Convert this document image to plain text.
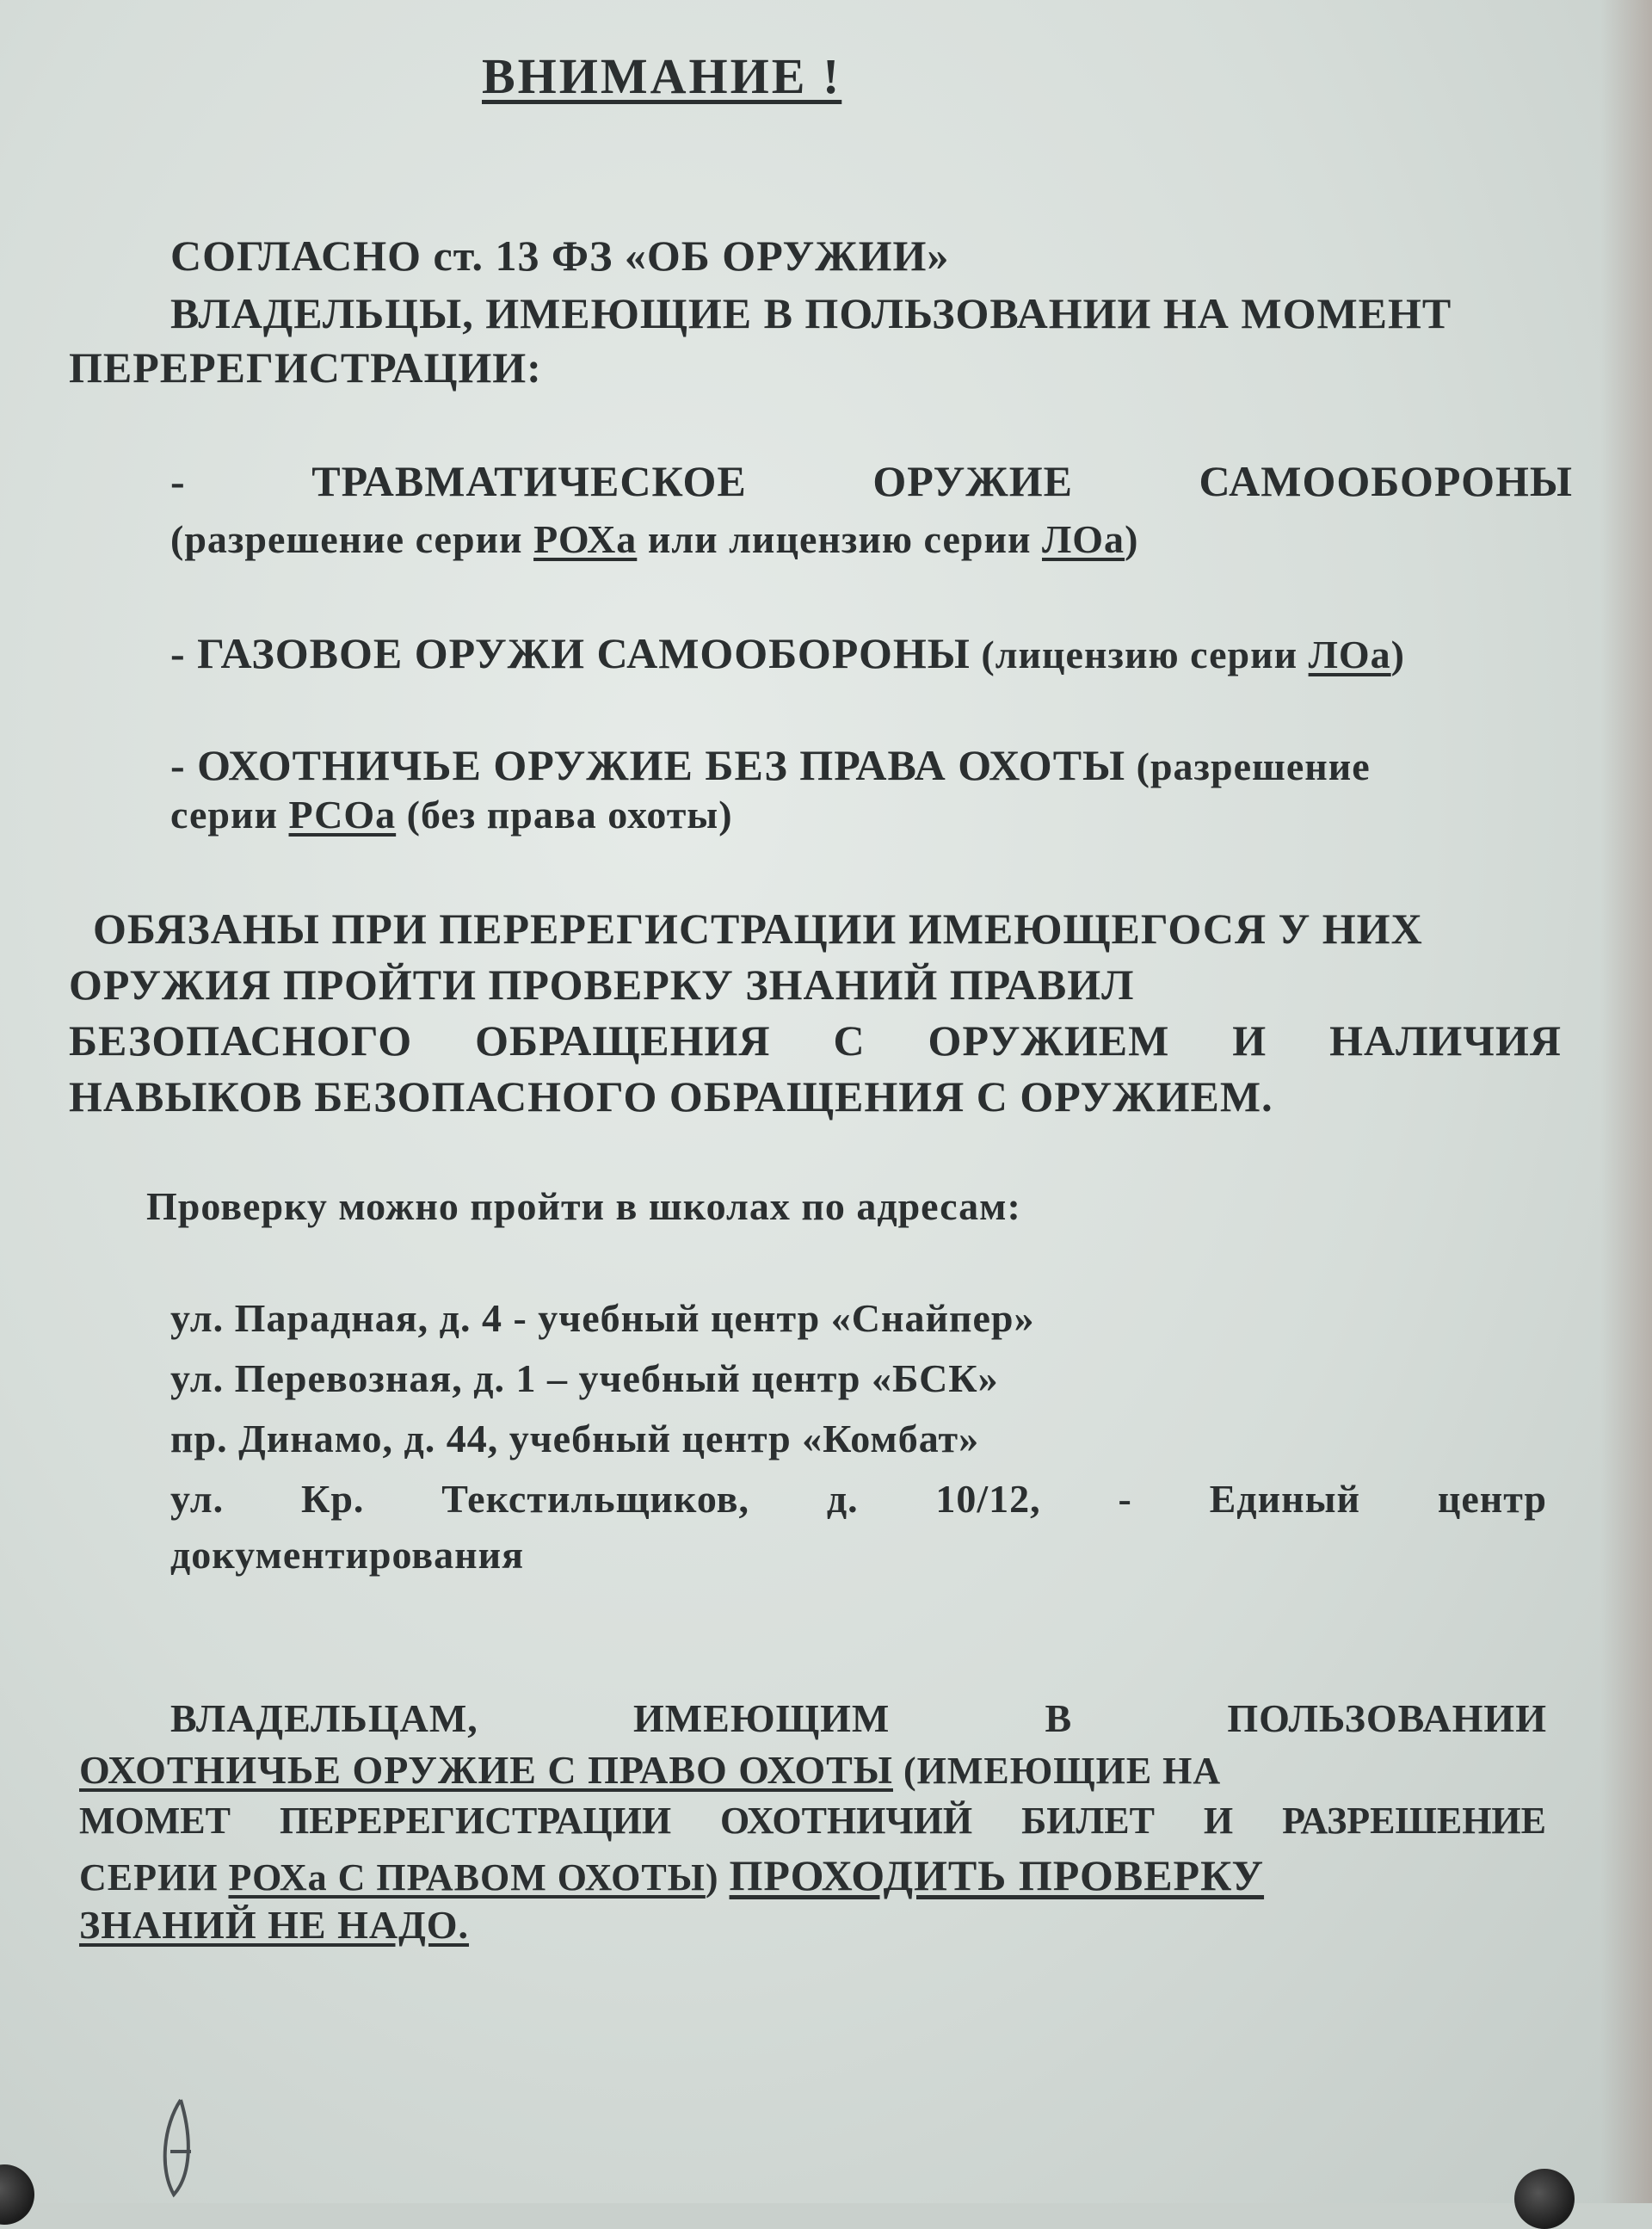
ВНИМАНИЕ !
СОГЛАСНО ст. 13 ФЗ «ОБ ОРУЖИИ»
ВЛАДЕЛЬЦЫ, ИМЕЮЩИЕ В ПОЛЬЗОВАНИИ НА МОМЕНТ
ПЕРЕРЕГИСТРАЦИИ:
- ТРАВМАТИЧЕСКОЕ ОРУЖИЕ САМООБОРОНЫ
(разрешение серии РОХа или лицензию серии ЛОа)
- ГАЗОВОЕ ОРУЖИ САМООБОРОНЫ (лицензию серии ЛОа)
- ОХОТНИЧЬЕ ОРУЖИЕ БЕЗ ПРАВА ОХОТЫ (разрешение
серии РСОа (без права охоты)
ОБЯЗАНЫ ПРИ ПЕРЕРЕГИСТРАЦИИ ИМЕЮЩЕГОСЯ У НИХ
ОРУЖИЯ ПРОЙТИ ПРОВЕРКУ ЗНАНИЙ ПРАВИЛ
БЕЗОПАСНОГО ОБРАЩЕНИЯ С ОРУЖИЕМ И НАЛИЧИЯ
НАВЫКОВ БЕЗОПАСНОГО ОБРАЩЕНИЯ С ОРУЖИЕМ.
Проверку можно пройти в школах по адресам:
ул. Парадная, д. 4 - учебный центр «Снайпер»
ул. Перевозная, д. 1 – учебный центр «БСК»
пр. Динамо, д. 44, учебный центр «Комбат»
ул. Кр. Текстильщиков, д. 10/12, - Единый центр
документирования
ВЛАДЕЛЬЦАМ, ИМЕЮЩИМ В ПОЛЬЗОВАНИИ
ОХОТНИЧЬЕ ОРУЖИЕ С ПРАВО ОХОТЫ (ИМЕЮЩИЕ НА
МОМЕТ ПЕРЕРЕГИСТРАЦИИ ОХОТНИЧИЙ БИЛЕТ И РАЗРЕШЕНИЕ
СЕРИИ РОХа С ПРАВОМ ОХОТЫ) ПРОХОДИТЬ ПРОВЕРКУ
ЗНАНИЙ НЕ НАДО.
